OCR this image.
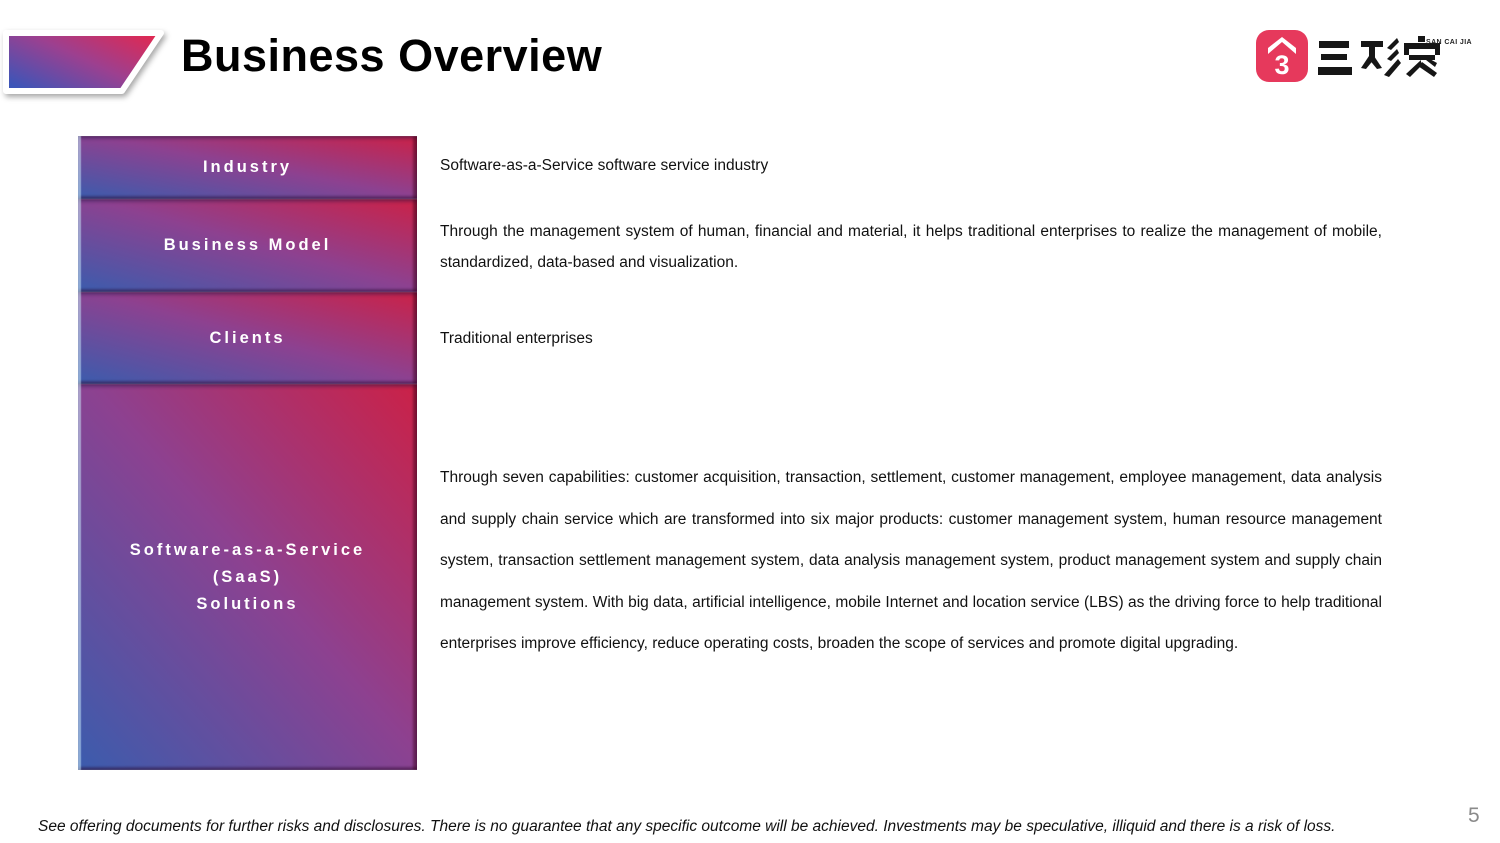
Business Overview	3
SAN CAI JIA
Industry
Business Model
Clients
Software-as-a-Service
(SaaS)
Solutions
Software-as-a-Service software service industry
Through the management system of human, financial and material, it helps traditional enterprises to realize the management of mobile, standardized, data-based and visualization.
Traditional enterprises
Through seven capabilities: customer acquisition, transaction, settlement, customer management, employee management, data analysis and supply chain service which are transformed into six major products: customer management system, human resource management system, transaction settlement management system, data analysis management system, product management system and supply chain management system. With big data, artificial intelligence, mobile Internet and location service (LBS) as the driving force to help traditional enterprises improve efficiency, reduce operating costs, broaden the scope of services and promote digital upgrading.
See offering documents for further risks and disclosures. There is no guarantee that any specific outcome will be achieved. Investments may be speculative, illiquid and there is a risk of loss.	5
